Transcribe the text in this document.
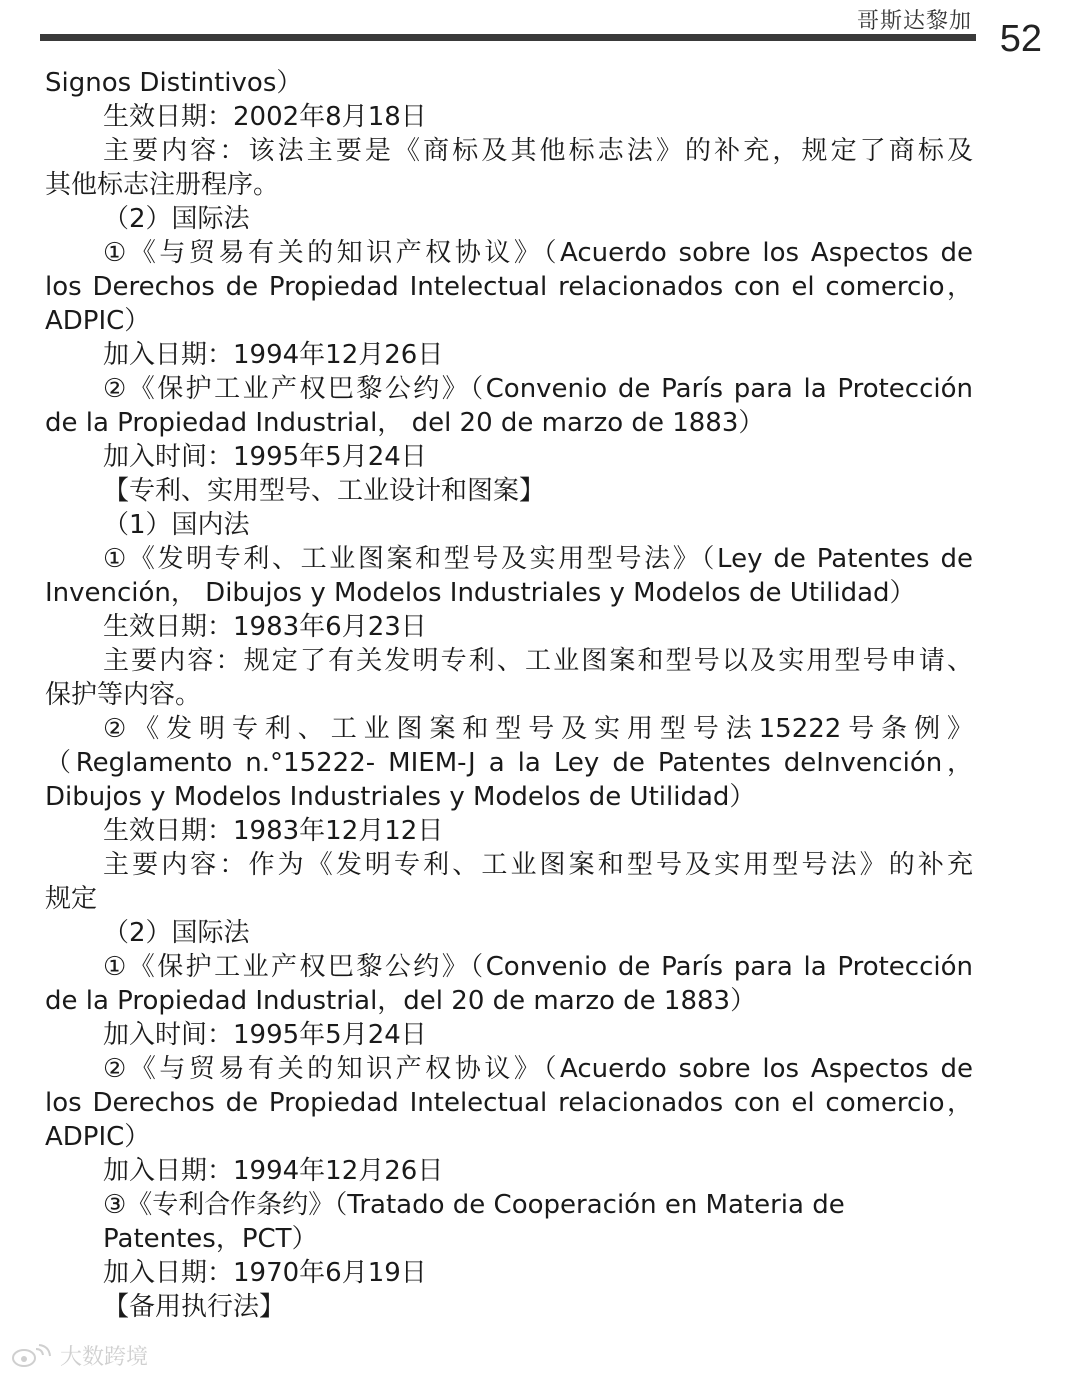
哥斯达黎加 52
Signos Distintivos）
生效日期：2002年8月18日
主要内容：该法主要是《商标及其他标志法》的补充，规定了商标及
其他标志注册程序。
（2）国际法
①《与贸易有关的知识产权协议》（Acuerdo sobre los Aspectos de
los Derechos de Propiedad Intelectual relacionados con el comercio，
ADPIC）
加入日期：1994年12月26日
②《保护工业产权巴黎公约》（Convenio de París para la Protección
de la Propiedad Industrial， del 20 de marzo de 1883）
加入时间：1995年5月24日
【专利、实用型号、工业设计和图案】
（1）国内法
①《发明专利、工业图案和型号及实用型号法》（Ley de Patentes de
Invención， Dibujos y Modelos Industriales y Modelos de Utilidad）
生效日期：1983年6月23日
主要内容：规定了有关发明专利、工业图案和型号以及实用型号申请、
保护等内容。
②《发明专利、工业图案和型号及实用型号法15222号条例》
（Reglamento n.°15222- MIEM-J a la Ley de Patentes deInvención，
Dibujos y Modelos Industriales y Modelos de Utilidad）
生效日期：1983年12月12日
主要内容：作为《发明专利、工业图案和型号及实用型号法》的补充
规定
（2）国际法
①《保护工业产权巴黎公约》（Convenio de París para la Protección
de la Propiedad Industrial，del 20 de marzo de 1883）
加入时间：1995年5月24日
②《与贸易有关的知识产权协议》（Acuerdo sobre los Aspectos de
los Derechos de Propiedad Intelectual relacionados con el comercio，
ADPIC）
加入日期：1994年12月26日
③《专利合作条约》（Tratado de Cooperación en Materia de
Patentes，PCT）
加入日期：1970年6月19日
【备用执行法】
大数跨境
